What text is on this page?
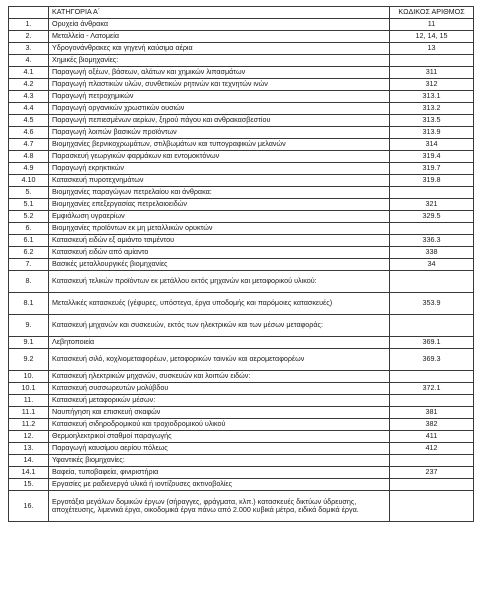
	ΚΑΤΗΓΟΡΙΑ Α΄	ΚΩΔΙΚΟΣ ΑΡΙΘΜΟΣ
1.	Ορυχεία άνθρακα	11
2.	Μεταλλεία - Λατομεία	12, 14, 15
3.	Υδρογονάνθρακες και γηγενή καύσιμα αέρια	13
4.	Χημικές βιομηχανίες:	
4.1	Παραγωγή οξέων, βάσεων, αλάτων και χημικών λιπασμάτων	311
4.2	Παραγωγή πλαστικών υλών, συνθετικών ρητινών και τεχνητών ινών	312
4.3	Παραγωγή πετροχημικών	313.1
4.4	Παραγωγή οργανικών χρωστικών ουσιών	313.2
4.5	Παραγωγή πεπιεσμένων αερίων, ξηρού πάγου και ανθρακασβεστίου	313.5
4.6	Παραγωγή λοιπών βασικών προϊόντων	313.9
4.7	Βιομηχανίες βερνικοχρωμάτων, στιλβωμάτων και τυπογραφικών μελανών	314
4.8	Παρασκευή γεωργικών φαρμάκων και εντομοκτόνων	319.4
4.9	Παραγωγή εκρηκτικών	319.7
4.10	Κατασκευή πυροτεχνημάτων	319.8
5.	Βιομηχανίες παραγώγων πετρελαίου και άνθρακα:	
5.1	Βιομηχανίες επεξεργασίας πετρελαιοειδών	321
5.2	Εμφιάλωση υγραερίων	329.5
6.	Βιομηχανίες προϊόντων εκ μη μεταλλικών ορυκτών	
6.1	Κατασκευή ειδών εξ αμιάντο τσιμέντου	336.3
6.2	Κατασκευή ειδών από αμίαντο	338
7.	Βασικές μεταλλουργικές βιομηχανίες	34
8.	Κατασκευή τελικών προϊόντων εκ μετάλλου εκτός μηχανών και μεταφορικού υλικού:	
8.1	Μεταλλικές κατασκευές (γέφυρες, υπόστεγα, έργα υποδομής και παρόμοιες κατασκευές)	353.9
9.	Κατασκευή μηχανών και συσκευών, εκτός των ηλεκτρικών και των μέσων μεταφοράς:	
9.1	Λεβητοποιεία	369.1
9.2	Κατασκευή σιλό, κοχλιομεταφορέων, μεταφορικών ταινιών και αερομεταφορέων	369.3
10.	Κατασκευή ηλεκτρικών μηχανών, συσκευών και λοιπών ειδών:	
10.1	Κατασκευή συσσωρευτών μολύβδου	372.1
11.	Κατασκευή μεταφορικών μέσων:	
11.1	Ναυπήγηση και επισκευή σκαφών	381
11.2	Κατασκευή σιδηροδρομικού και τροχιοδρομικού υλικού	382
12.	Θερμοηλεκτρικοί σταθμοί παραγωγής	411
13.	Παραγωγή καυσίμου αερίου πόλεως	412
14.	Υφαντικές βιομηχανίες:	
14.1	Βαφεία, τυποβαφεία, φινιριστήρια	237
15.	Εργασίες με ραδιενεργά υλικά ή ιοντίζουσες ακτινοβολίες	
16.	Εργοτάξια μεγάλων δομικών έργων (σήραγγες, φράγματα, κλπ.) κατασκευές δικτύων ύδρευσης, αποχέτευσης, λιμενικά έργα, οικοδομικά έργα πάνω από 2.000 κυβικά μέτρα, ειδικά δομικά έργα.	
